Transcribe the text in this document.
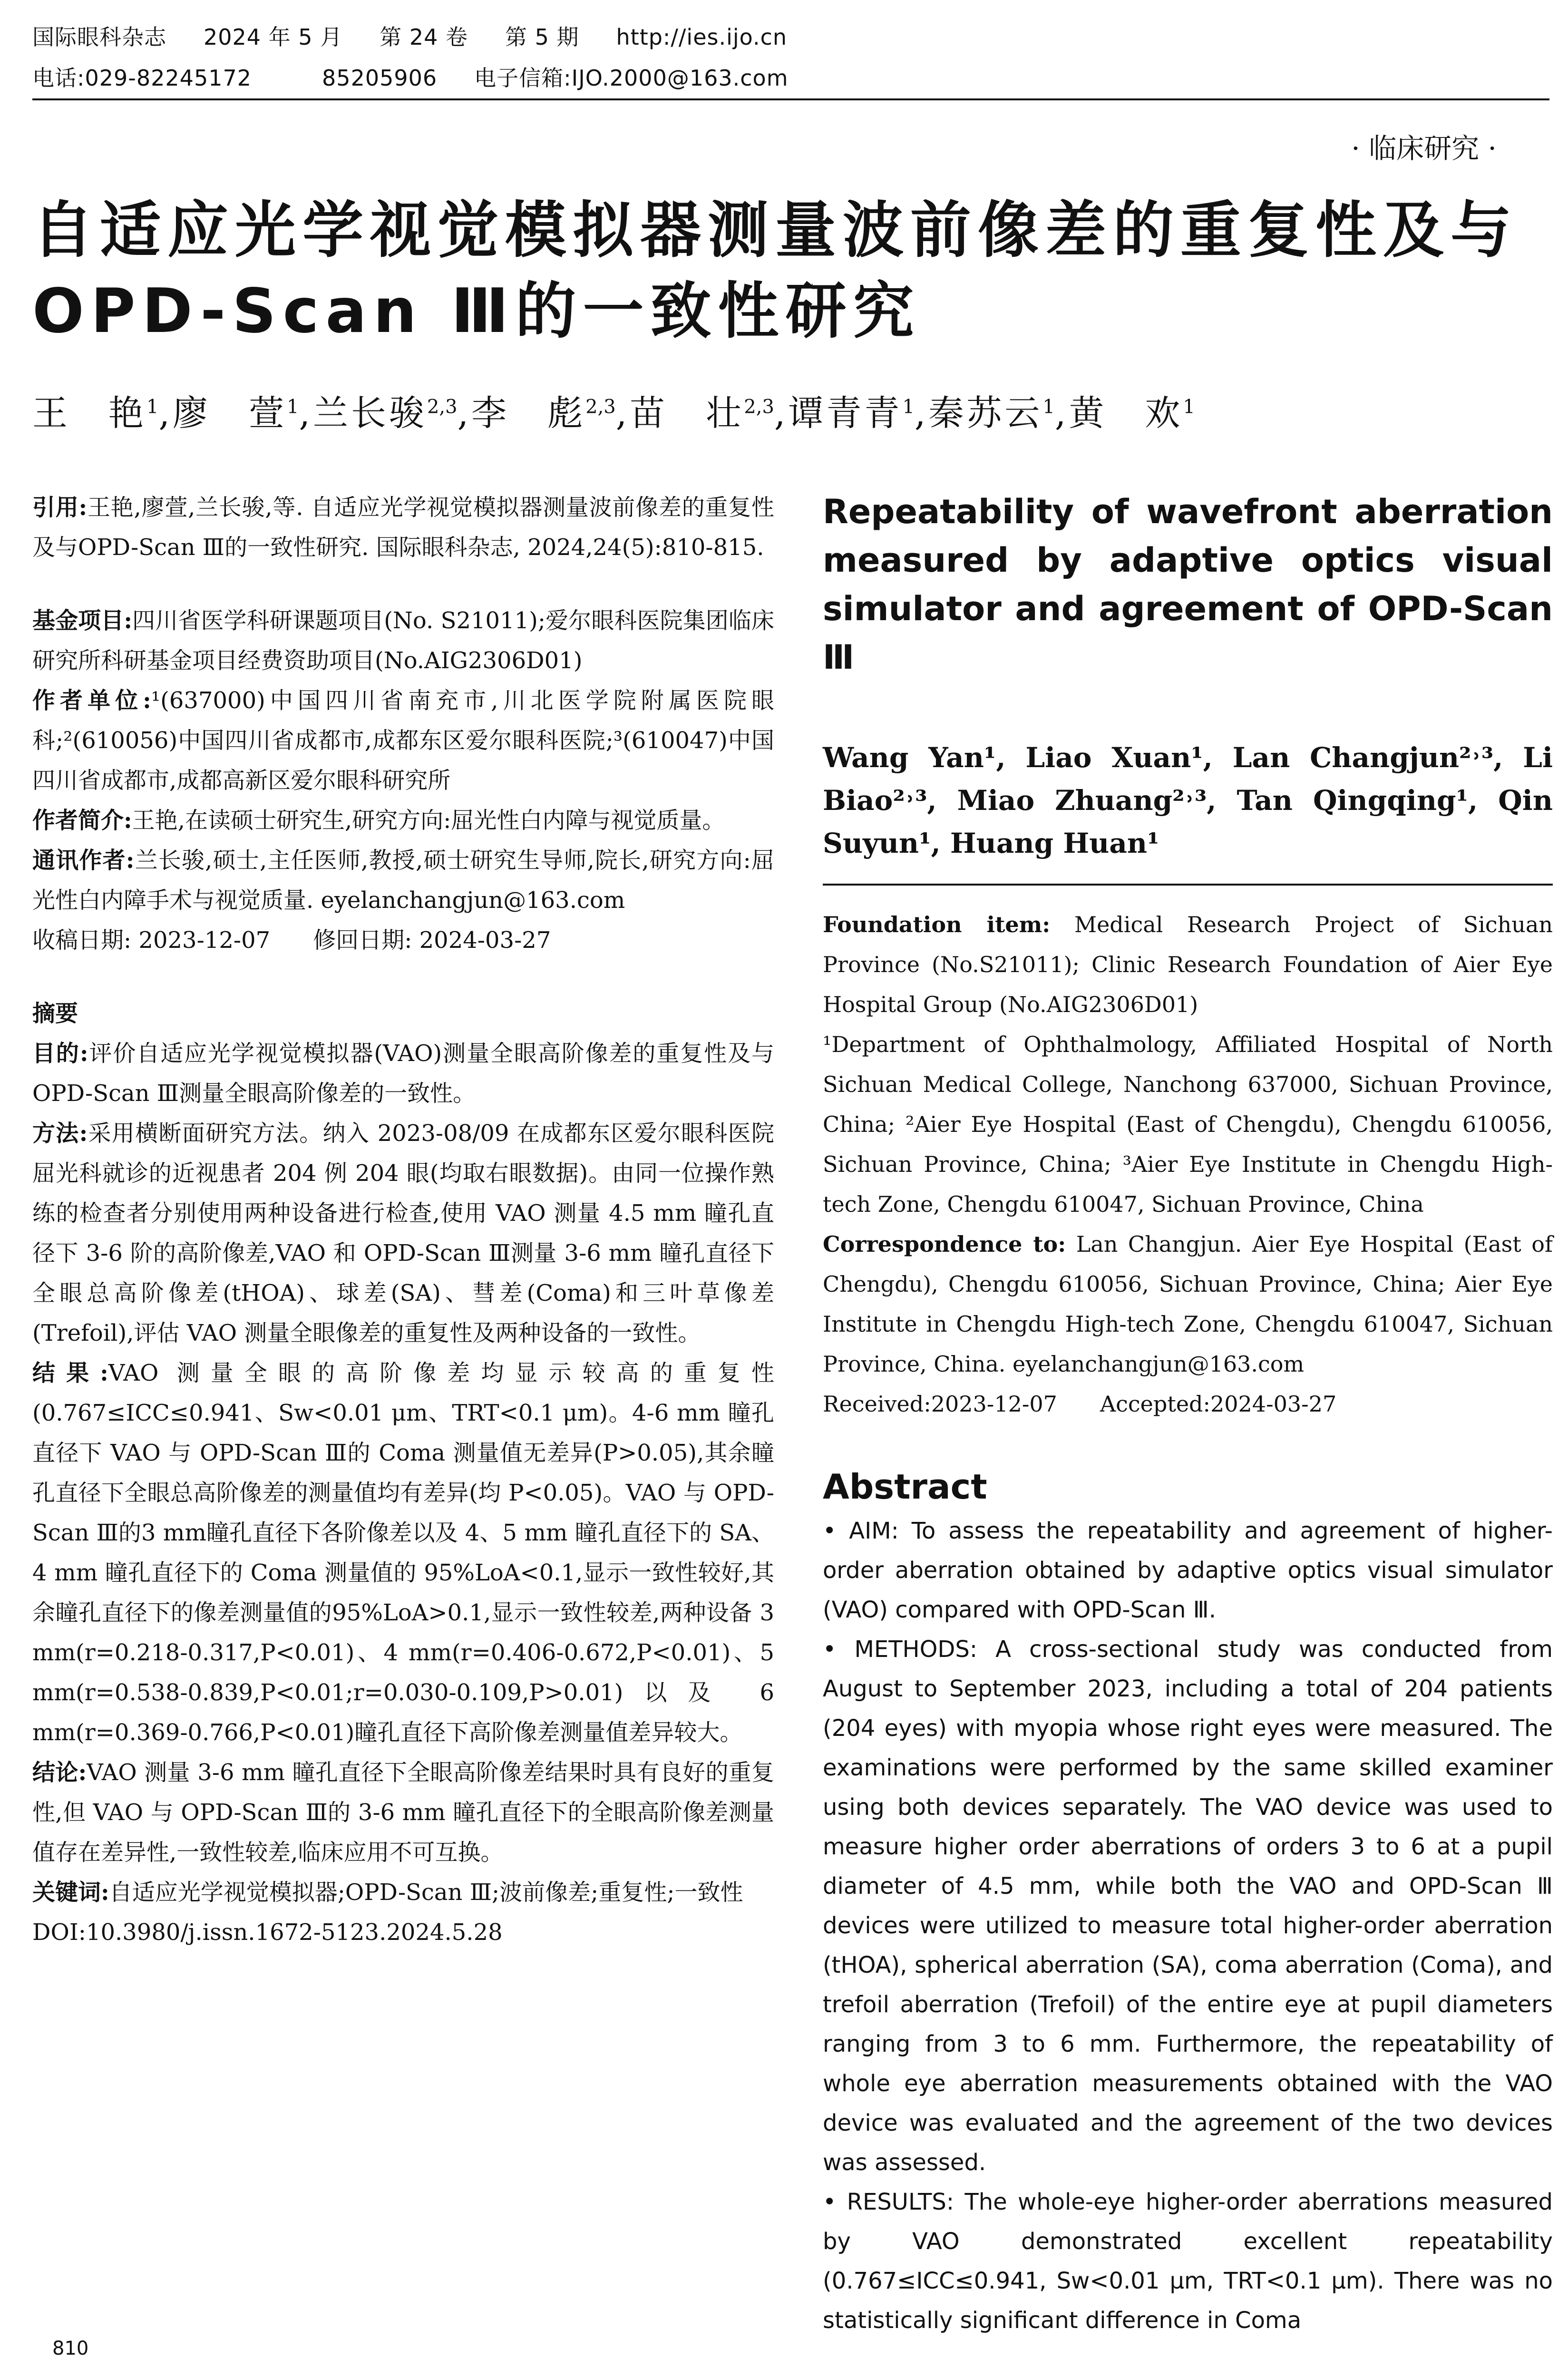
国际眼科杂志 2024 年 5 月 第 24 卷 第 5 期 http://ies.ijo.cn
电话:029-82245172	85205906 电子信箱:IJO.2000@163.com
· 临床研究 ·
自适应光学视觉模拟器测量波前像差的重复性及与 OPD-Scan Ⅲ的一致性研究
王　艳$^1$,廖　萱$^1$,兰长骏$^{2,3}$,李　彪$^{2,3}$,苗　壮$^{2,3}$,谭青青$^1$,秦苏云$^1$,黄　欢$^1$

引用:王艳,廖萱,兰长骏,等. 自适应光学视觉模拟器测量波前像差的重复性及与OPD-Scan Ⅲ的一致性研究. 国际眼科杂志, 2024,24(5):810-815.

基金项目:四川省医学科研课题项目(No. S21011);爱尔眼科医院集团临床研究所科研基金项目经费资助项目(No.AIG2306D01)

作者单位:¹(637000)中国四川省南充市,川北医学院附属医院眼科;²(610056)中国四川省成都市,成都东区爱尔眼科医院;³(610047)中国四川省成都市,成都高新区爱尔眼科研究所

作者简介:王艳,在读硕士研究生,研究方向:屈光性白内障与视觉质量。

通讯作者:兰长骏,硕士,主任医师,教授,硕士研究生导师,院长,研究方向:屈光性白内障手术与视觉质量. eyelanchangjun@163.com

收稿日期: 2023-12-07 修回日期: 2024-03-27

摘要

目的:评价自适应光学视觉模拟器(VAO)测量全眼高阶像差的重复性及与 OPD-Scan Ⅲ测量全眼高阶像差的一致性。

方法:采用横断面研究方法。纳入 2023-08/09 在成都东区爱尔眼科医院屈光科就诊的近视患者 204 例 204 眼(均取右眼数据)。由同一位操作熟练的检查者分别使用两种设备进行检查,使用 VAO 测量 4.5 mm 瞳孔直径下 3-6 阶的高阶像差,VAO 和 OPD-Scan Ⅲ测量 3-6 mm 瞳孔直径下全眼总高阶像差(tHOA)、球差(SA)、彗差(Coma)和三叶草像差(Trefoil),评估 VAO 测量全眼像差的重复性及两种设备的一致性。

结果:VAO 测量全眼的高阶像差均显示较高的重复性(0.767≤ICC≤0.941、Sw<0.01 μm、TRT<0.1 μm)。4-6 mm 瞳孔直径下 VAO 与 OPD-Scan Ⅲ的 Coma 测量值无差异(P>0.05),其余瞳孔直径下全眼总高阶像差的测量值均有差异(均 P<0.05)。VAO 与 OPD-Scan Ⅲ的3 mm瞳孔直径下各阶像差以及 4、5 mm 瞳孔直径下的 SA、4 mm 瞳孔直径下的 Coma 测量值的 95%LoA<0.1,显示一致性较好,其余瞳孔直径下的像差测量值的95%LoA>0.1,显示一致性较差,两种设备 3 mm(r=0.218-0.317,P<0.01)、4 mm(r=0.406-0.672,P<0.01)、5 mm(r=0.538-0.839,P<0.01;r=0.030-0.109,P>0.01)以及 6 mm(r=0.369-0.766,P<0.01)瞳孔直径下高阶像差测量值差异较大。

结论:VAO 测量 3-6 mm 瞳孔直径下全眼高阶像差结果时具有良好的重复性,但 VAO 与 OPD-Scan Ⅲ的 3-6 mm 瞳孔直径下的全眼高阶像差测量值存在差异性,一致性较差,临床应用不可互换。

关键词:自适应光学视觉模拟器;OPD-Scan Ⅲ;波前像差;重复性;一致性

DOI:10.3980/j.issn.1672-5123.2024.5.28

Repeatability of wavefront aberration measured by adaptive optics visual simulator and agreement of OPD-Scan Ⅲ
Wang Yan¹, Liao Xuan¹, Lan Changjun²˒³, Li Biao²˒³, Miao Zhuang²˒³, Tan Qingqing¹, Qin Suyun¹, Huang Huan¹

Foundation item: Medical Research Project of Sichuan Province (No.S21011); Clinic Research Foundation of Aier Eye Hospital Group (No.AIG2306D01)

¹Department of Ophthalmology, Affiliated Hospital of North Sichuan Medical College, Nanchong 637000, Sichuan Province, China; ²Aier Eye Hospital (East of Chengdu), Chengdu 610056, Sichuan Province, China; ³Aier Eye Institute in Chengdu High-tech Zone, Chengdu 610047, Sichuan Province, China

Correspondence to: Lan Changjun. Aier Eye Hospital (East of Chengdu), Chengdu 610056, Sichuan Province, China; Aier Eye Institute in Chengdu High-tech Zone, Chengdu 610047, Sichuan Province, China. eyelanchangjun@163.com

Received:2023-12-07 Accepted:2024-03-27

Abstract

• AIM: To assess the repeatability and agreement of higher-order aberration obtained by adaptive optics visual simulator (VAO) compared with OPD-Scan Ⅲ.

• METHODS: A cross-sectional study was conducted from August to September 2023, including a total of 204 patients (204 eyes) with myopia whose right eyes were measured. The examinations were performed by the same skilled examiner using both devices separately. The VAO device was used to measure higher order aberrations of orders 3 to 6 at a pupil diameter of 4.5 mm, while both the VAO and OPD-Scan Ⅲ devices were utilized to measure total higher-order aberration (tHOA), spherical aberration (SA), coma aberration (Coma), and trefoil aberration (Trefoil) of the entire eye at pupil diameters ranging from 3 to 6 mm. Furthermore, the repeatability of whole eye aberration measurements obtained with the VAO device was evaluated and the agreement of the two devices was assessed.

• RESULTS: The whole-eye higher-order aberrations measured by VAO demonstrated excellent repeatability (0.767≤ICC≤0.941, Sw<0.01 μm, TRT<0.1 μm). There was no statistically significant difference in Coma

810
